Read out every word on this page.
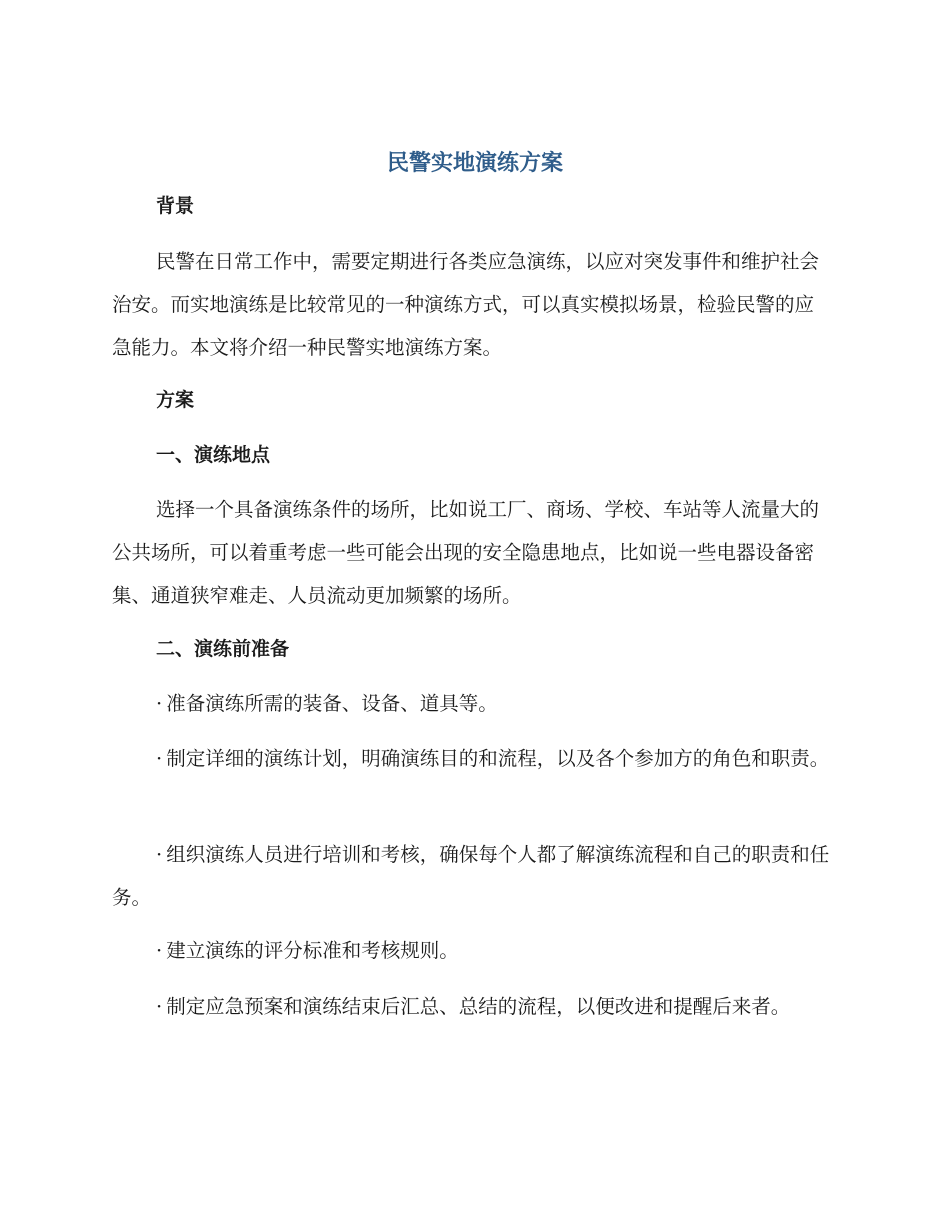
民警实地演练方案
背景
民警在日常工作中，需要定期进行各类应急演练，以应对突发事件和维护社会治安。而实地演练是比较常见的一种演练方式，可以真实模拟场景，检验民警的应急能力。本文将介绍一种民警实地演练方案。
方案
一、演练地点
选择一个具备演练条件的场所，比如说工厂、商场、学校、车站等人流量大的公共场所，可以着重考虑一些可能会出现的安全隐患地点，比如说一些电器设备密集、通道狭窄难走、人员流动更加频繁的场所。
二、演练前准备
· 准备演练所需的装备、设备、道具等。
· 制定详细的演练计划，明确演练目的和流程，以及各个参加方的角色和职责。
· 组织演练人员进行培训和考核，确保每个人都了解演练流程和自己的职责和任务。
· 建立演练的评分标准和考核规则。
· 制定应急预案和演练结束后汇总、总结的流程，以便改进和提醒后来者。
